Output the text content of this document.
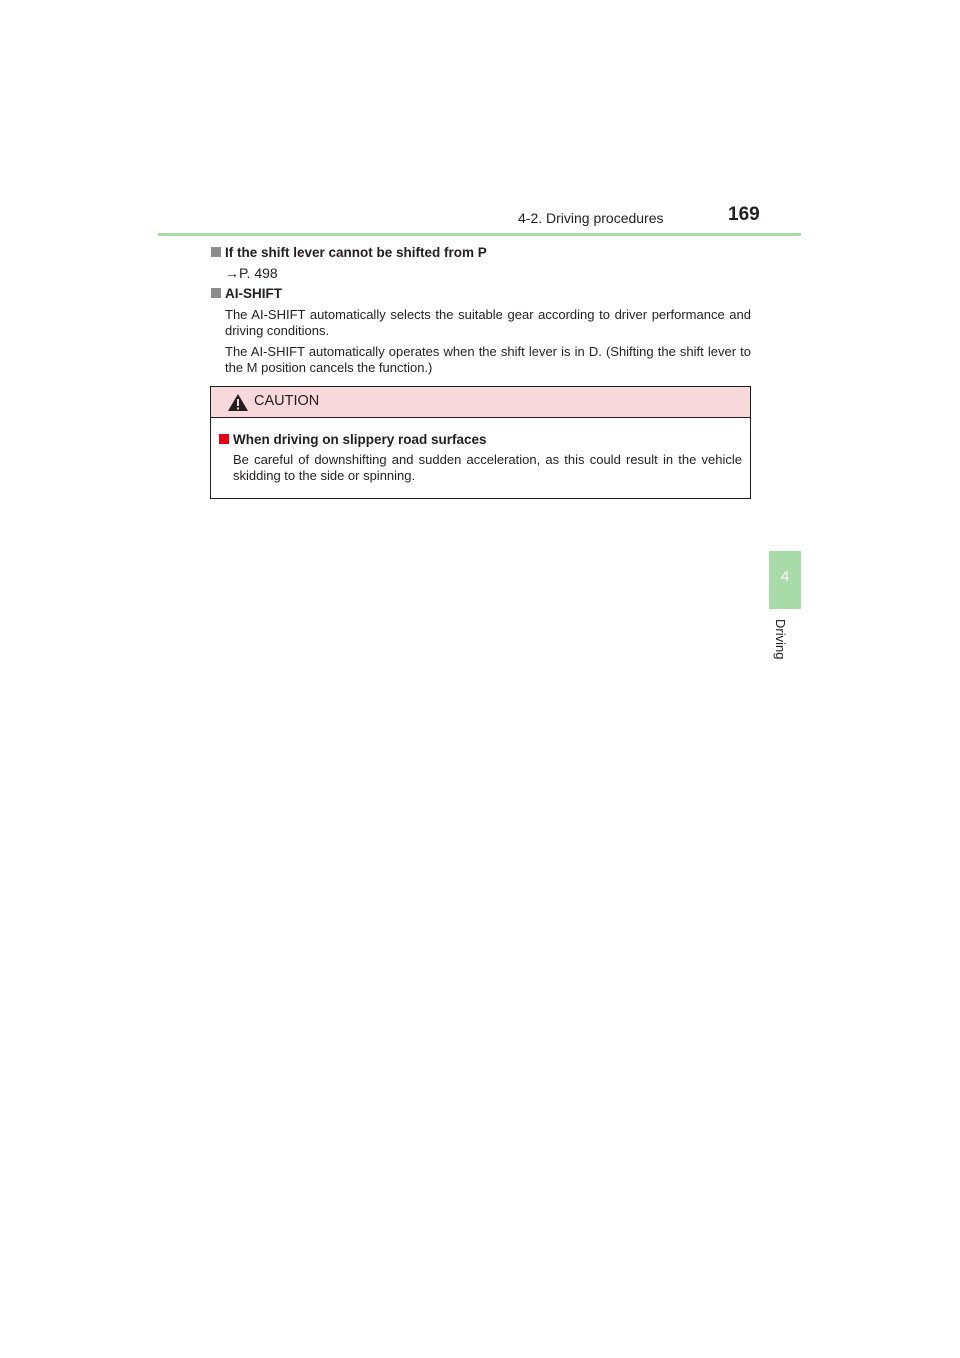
4-2. Driving procedures	169
4
Driving
If the shift lever cannot be shifted from P
→P. 498
AI-SHIFT
The AI-SHIFT automatically selects the suitable gear according to driver performance and driving conditions.
The AI-SHIFT automatically operates when the shift lever is in D. (Shifting the shift lever to the M position cancels the function.)
CAUTION
When driving on slippery road surfaces
Be careful of downshifting and sudden acceleration, as this could result in the vehicle skidding to the side or spinning.
